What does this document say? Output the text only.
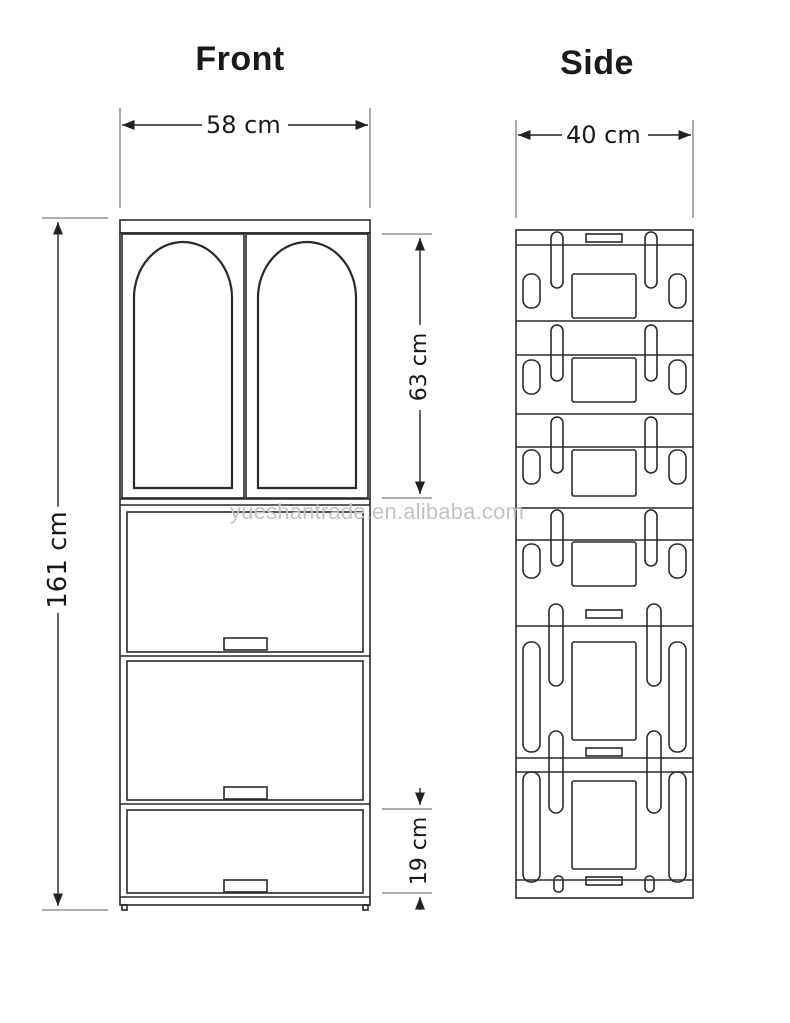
Front	Side
58 cm	40 cm
161 cm
63 cm
19 cm
yueshantrade.en.alibaba.com
